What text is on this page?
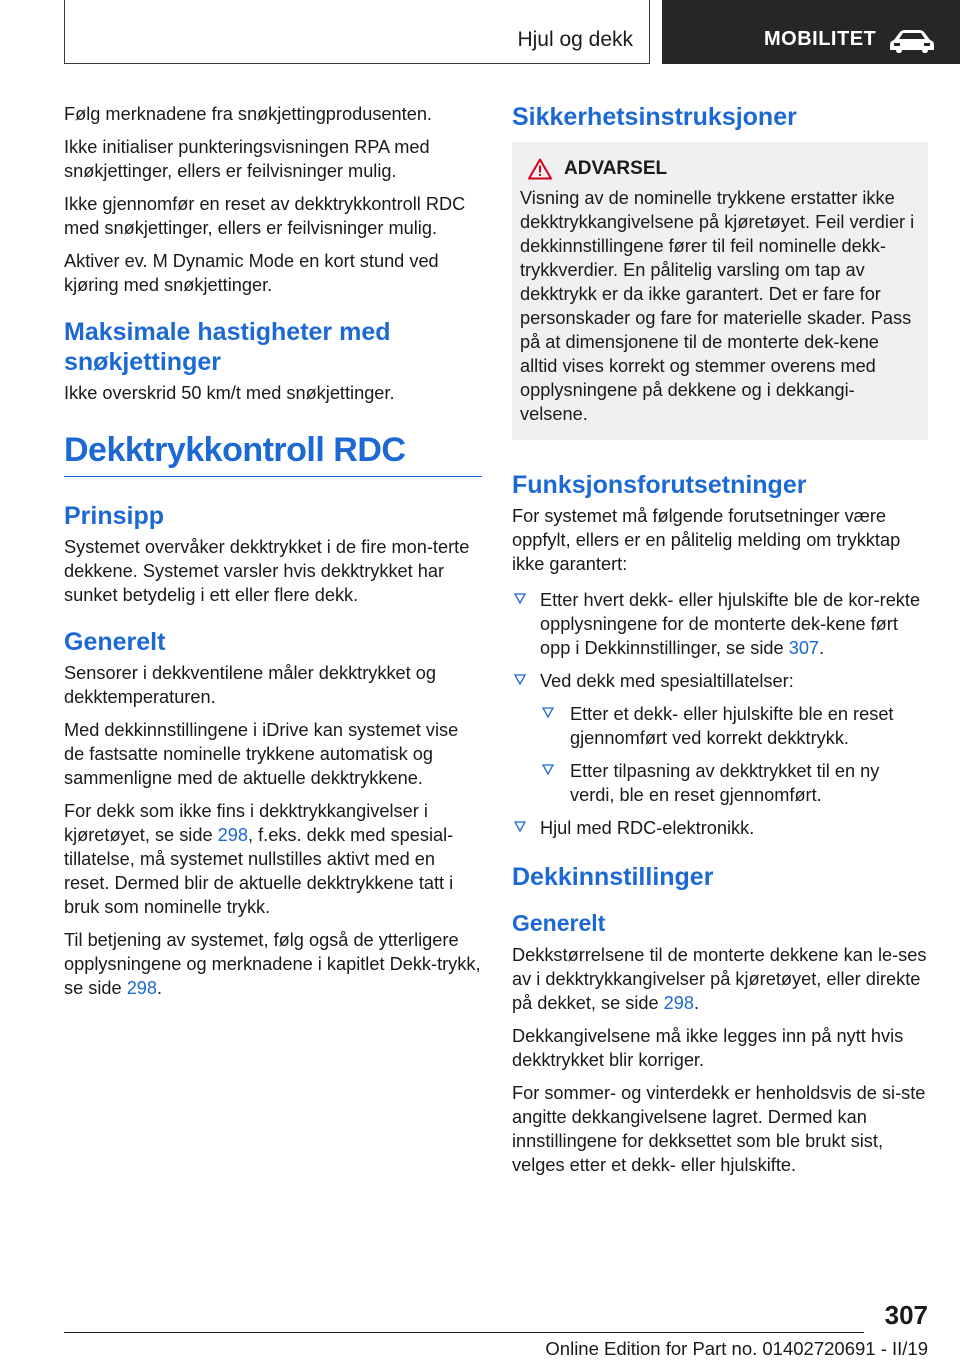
Hjul og dekk	MOBILITET

Følg merknadene fra snøkjettingprodusenten.

Ikke initialiser punkteringsvisningen RPA med snøkjettinger, ellers er feilvisninger mulig.

Ikke gjennomfør en reset av dekktrykkontroll RDC med snøkjettinger, ellers er feilvisninger mulig.

Aktiver ev. M Dynamic Mode en kort stund ved kjøring med snøkjettinger.

Maksimale hastigheter med snøkjettinger

Ikke overskrid 50 km/t med snøkjettinger.

Dekktrykkontroll RDC
Prinsipp

Systemet overvåker dekktrykket i de fire mon-terte dekkene. Systemet varsler hvis dekktrykket har sunket betydelig i ett eller flere dekk.

Generelt

Sensorer i dekkventilene måler dekktrykket og dekktemperaturen.

Med dekkinnstillingene i iDrive kan systemet vise de fastsatte nominelle trykkene automatisk og sammenligne med de aktuelle dekktrykkene.

For dekk som ikke fins i dekktrykkangivelser i kjøretøyet, se side 298, f.eks. dekk med spesial-tillatelse, må systemet nullstilles aktivt med en reset. Dermed blir de aktuelle dekktrykkene tatt i bruk som nominelle trykk.

Til betjening av systemet, følg også de ytterligere opplysningene og merknadene i kapitlet Dekk-trykk, se side 298.

Sikkerhetsinstruksjoner
ADVARSEL

Visning av de nominelle trykkene erstatter ikke dekktrykkangivelsene på kjøretøyet. Feil verdier i dekkinnstillingene fører til feil nominelle dekk-trykkverdier. En pålitelig varsling om tap av dekktrykk er da ikke garantert. Det er fare for personskader og fare for materielle skader. Pass på at dimensjonene til de monterte dek-kene alltid vises korrekt og stemmer overens med opplysningene på dekkene og i dekkangi-velsene.

Funksjonsforutsetninger

For systemet må følgende forutsetninger være oppfylt, ellers er en pålitelig melding om trykktap ikke garantert:

Etter hvert dekk- eller hjulskifte ble de kor-rekte opplysningene for de monterte dek-kene ført opp i Dekkinnstillinger, se side 307.
Ved dekk med spesialtillatelser:
Etter et dekk- eller hjulskifte ble en reset gjennomført ved korrekt dekktrykk.
Etter tilpasning av dekktrykket til en ny verdi, ble en reset gjennomført.
Hjul med RDC-elektronikk.
Dekkinnstillinger
Generelt

Dekkstørrelsene til de monterte dekkene kan le-ses av i dekktrykkangivelser på kjøretøyet, eller direkte på dekket, se side 298.

Dekkangivelsene må ikke legges inn på nytt hvis dekktrykket blir korriger.

For sommer- og vinterdekk er henholdsvis de si-ste angitte dekkangivelsene lagret. Dermed kan innstillingene for dekksettet som ble brukt sist, velges etter et dekk- eller hjulskifte.

307
Online Edition for Part no. 01402720691 - II/19
